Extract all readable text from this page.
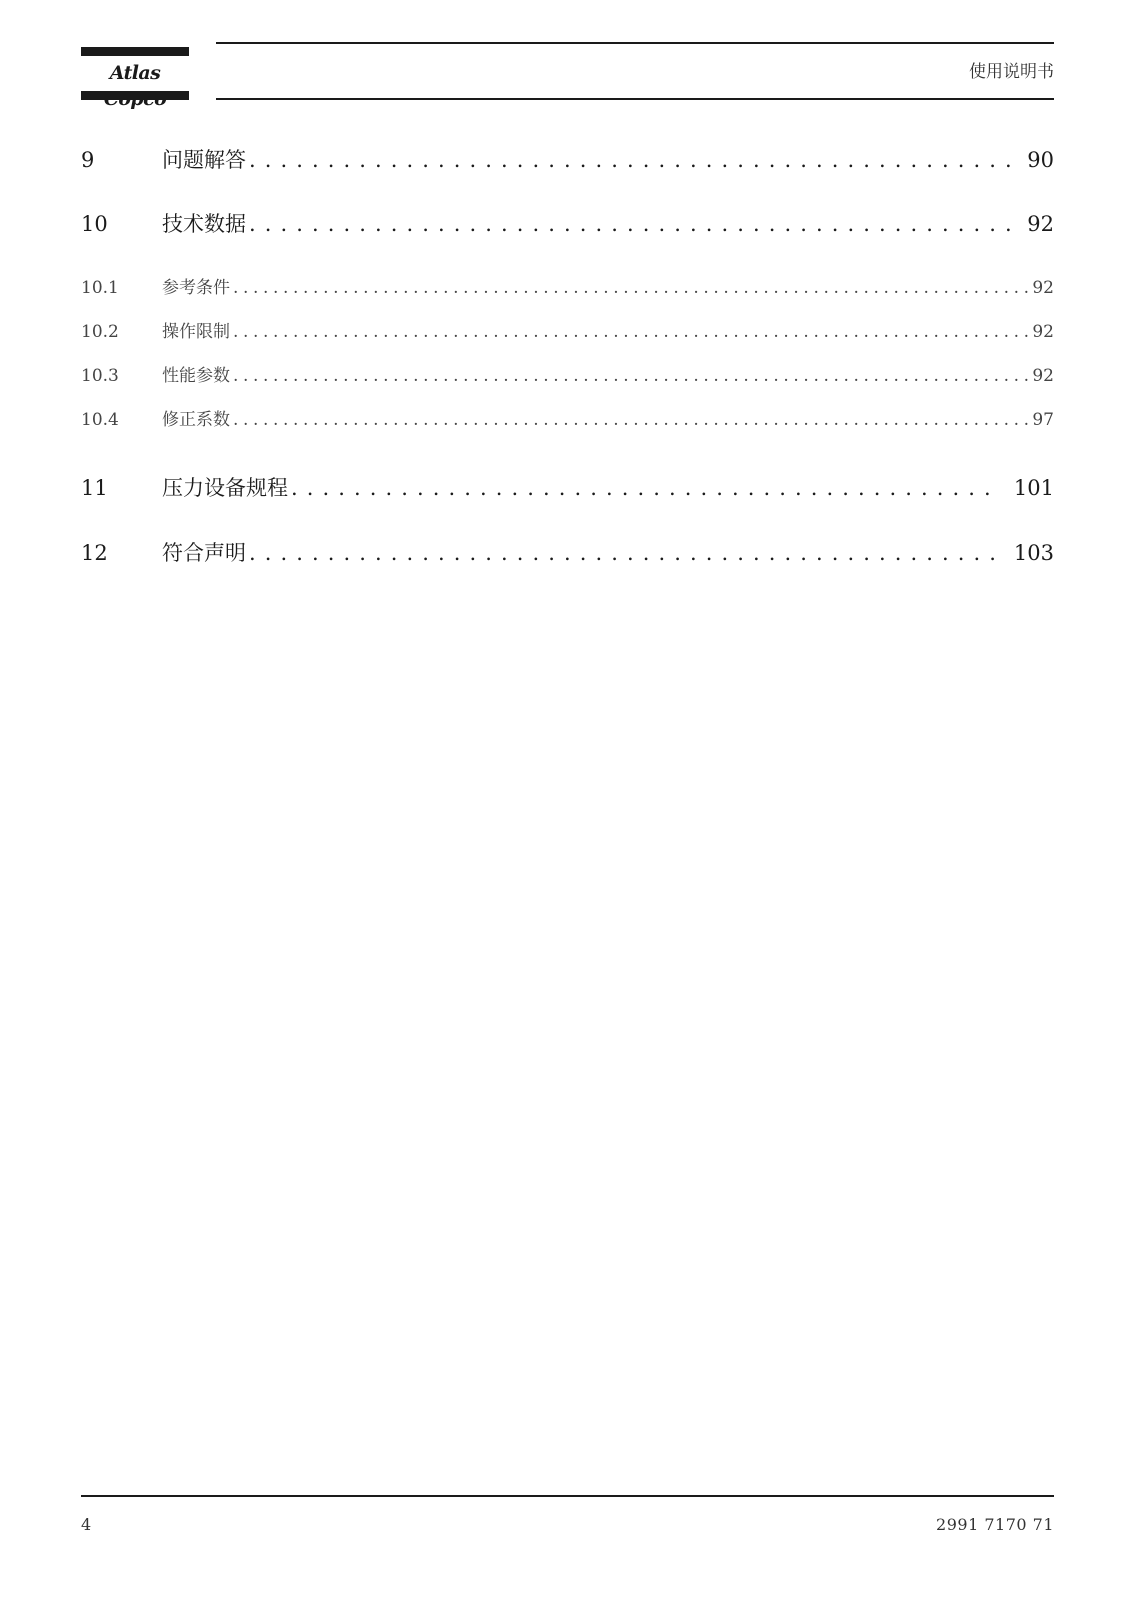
Atlas	使用说明书
9	问题解答 . . .	90
10	技术数据 . . .	92
10.1	参考条件 . . .	92
10.2	操作限制 . . .	92
10.3	性能参数 . . .	92
10.4	修正系数 . . .	97
11	压力设备规程 . . .	101
12	符合声明 . . .	103
4	2991 7170 71
